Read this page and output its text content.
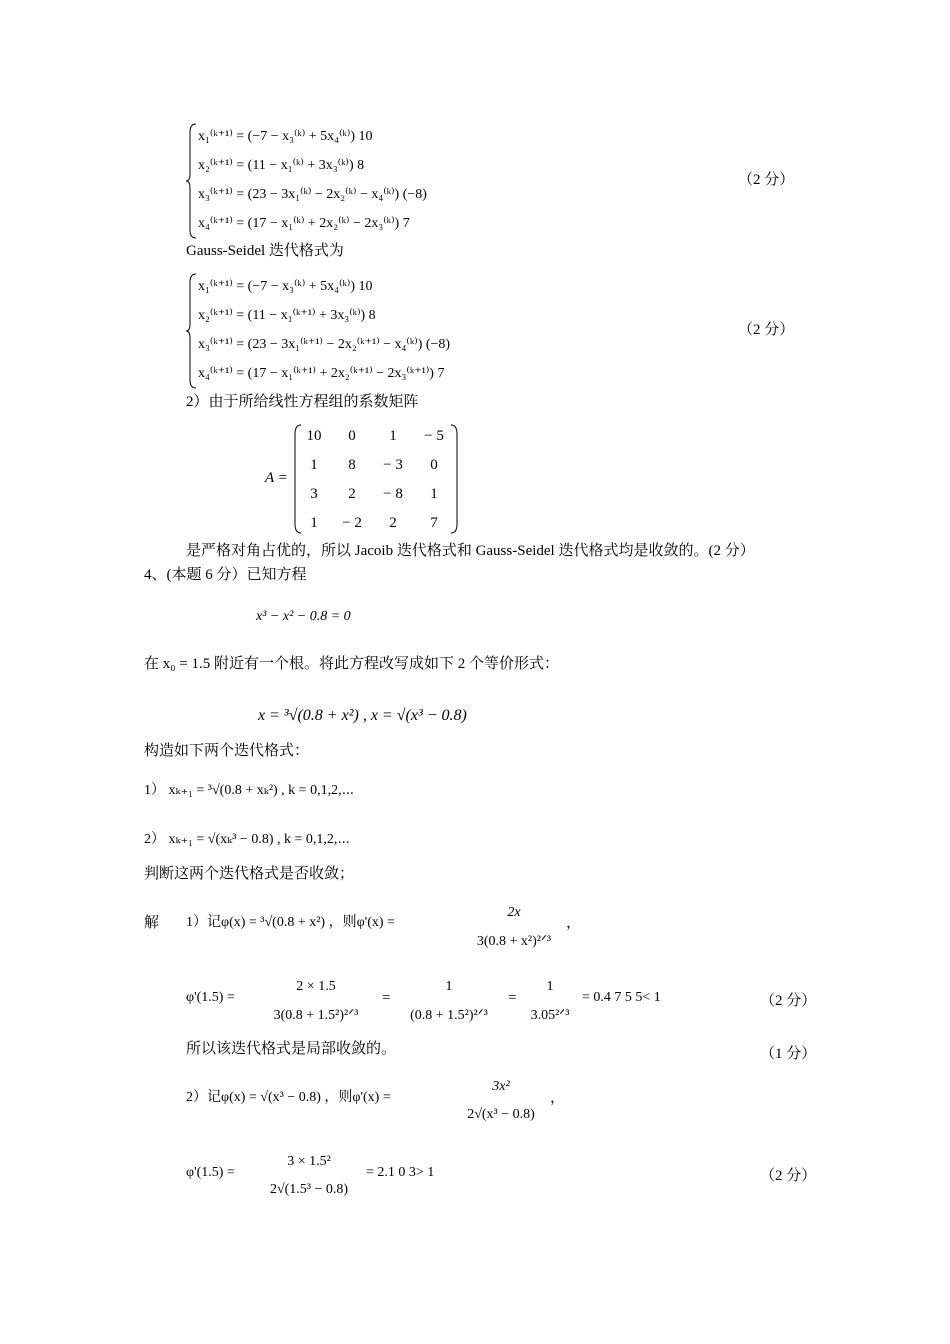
x₁⁽ᵏ⁺¹⁾ = (−7 − x₃⁽ᵏ⁾ + 5x₄⁽ᵏ⁾) 10
x₂⁽ᵏ⁺¹⁾ = (11 − x₁⁽ᵏ⁾ + 3x₃⁽ᵏ⁾) 8
x₃⁽ᵏ⁺¹⁾ = (23 − 3x₁⁽ᵏ⁾ − 2x₂⁽ᵏ⁾ − x₄⁽ᵏ⁾) (−8)
x₄⁽ᵏ⁺¹⁾ = (17 − x₁⁽ᵏ⁾ + 2x₂⁽ᵏ⁾ − 2x₃⁽ᵏ⁾) 7
（2 分）
Gauss-Seidel 迭代格式为
x₁⁽ᵏ⁺¹⁾ = (−7 − x₃⁽ᵏ⁾ + 5x₄⁽ᵏ⁾) 10
x₂⁽ᵏ⁺¹⁾ = (11 − x₁⁽ᵏ⁺¹⁾ + 3x₃⁽ᵏ⁾) 8
x₃⁽ᵏ⁺¹⁾ = (23 − 3x₁⁽ᵏ⁺¹⁾ − 2x₂⁽ᵏ⁺¹⁾ − x₄⁽ᵏ⁾) (−8)
x₄⁽ᵏ⁺¹⁾ = (17 − x₁⁽ᵏ⁺¹⁾ + 2x₂⁽ᵏ⁺¹⁾ − 2x₃⁽ᵏ⁺¹⁾) 7
（2 分）
2）由于所给线性方程组的系数矩阵
A =
10	0	1	− 5
1	8	− 3	0
3	2	− 8	1
1	− 2	2	7
是严格对角占优的，所以 Jacoib 迭代格式和 Gauss-Seidel 迭代格式均是收敛的。(2 分）
4、(本题 6 分）已知方程
x³ − x² − 0.8 = 0
在 x₀ = 1.5 附近有一个根。将此方程改写成如下 2 个等价形式：
x = ³√(0.8 + x²) , x = √(x³ − 0.8)
构造如下两个迭代格式：
1） xₖ₊₁ = ³√(0.8 + xₖ²) , k = 0,1,2,⋯
2） xₖ₊₁ = √(xₖ³ − 0.8) , k = 0,1,2,⋯
判断这两个迭代格式是否收敛；
解 1）记φ(x) = ³√(0.8 + x²) ，则φ'(x) =
2x
3(0.8 + x²)²ᐟ³
，
φ'(1.5) =
2 × 1.5
3(0.8 + 1.5²)²ᐟ³
=
1
(0.8 + 1.5²)²ᐟ³
=
1
3.05²ᐟ³
= 0.4 7 5 5< 1	（2 分）
所以该迭代格式是局部收敛的。	（1 分）
2）记φ(x) = √(x³ − 0.8) ，则φ'(x) =
3x²
2√(x³ − 0.8)
，
φ'(1.5) =
3 × 1.5²
2√(1.5³ − 0.8)
= 2.1 0 3> 1	（2 分）
